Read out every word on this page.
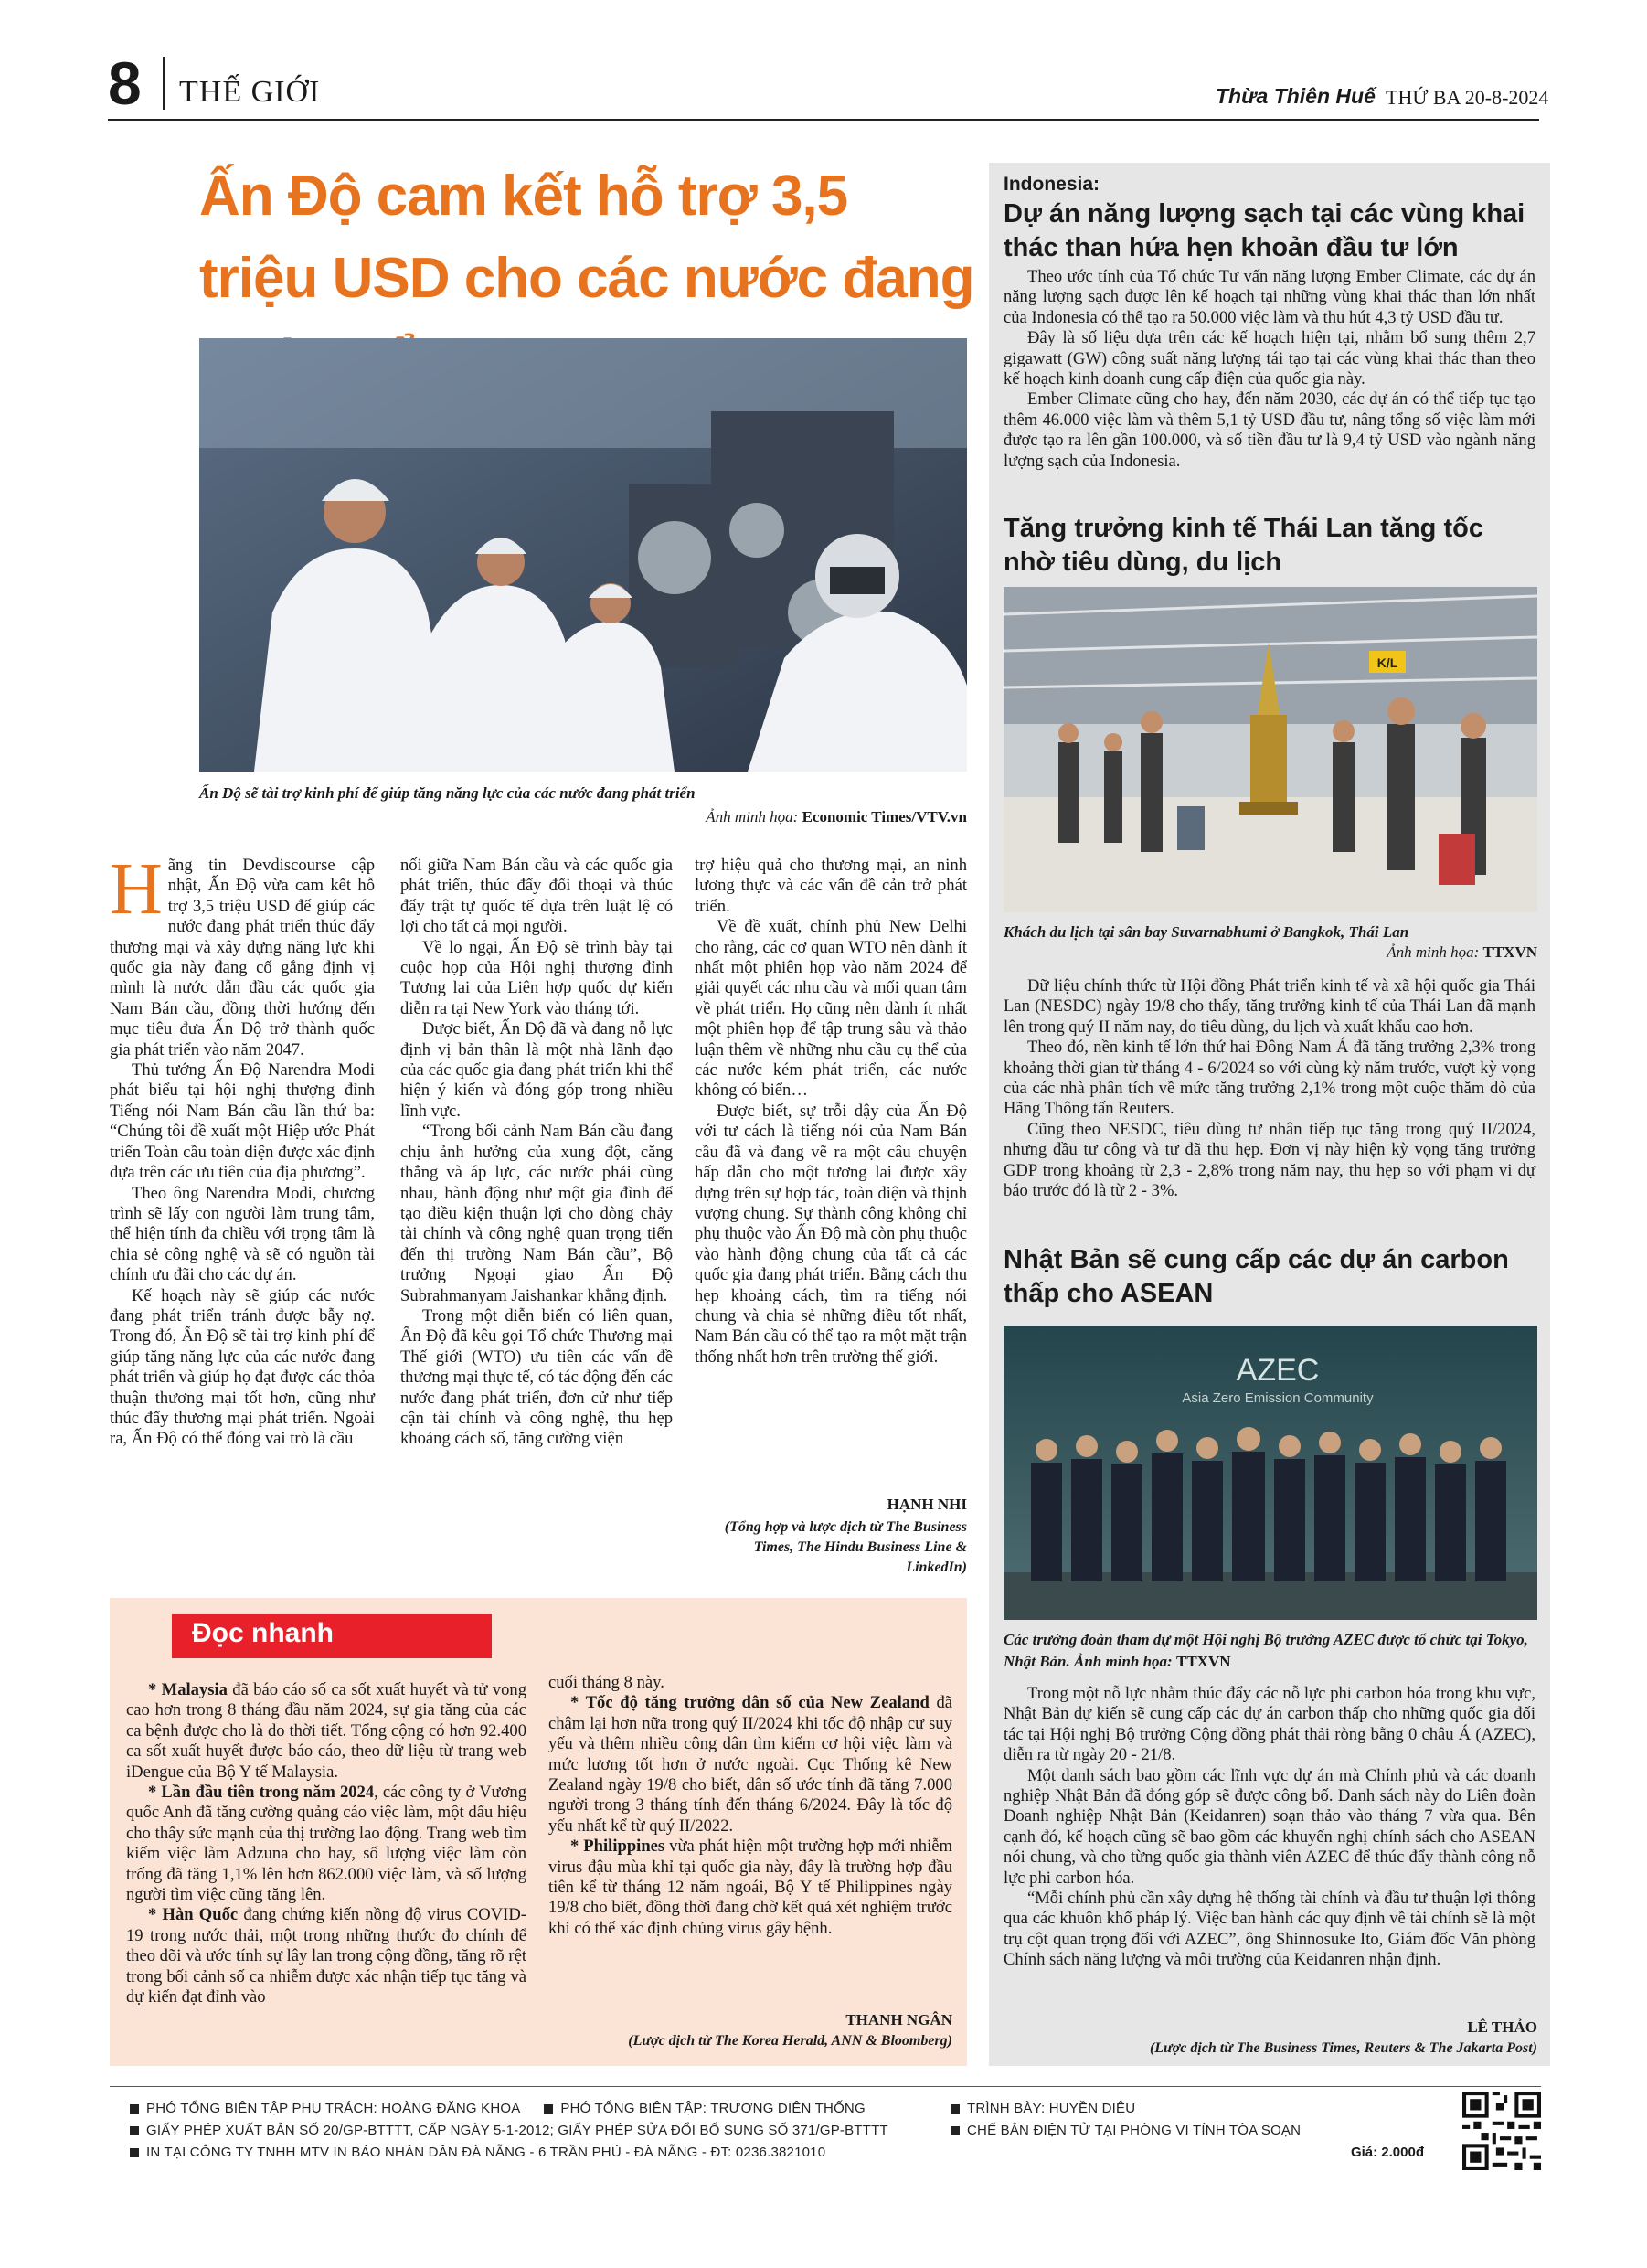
8 THẾ GIỚI	Thừa Thiên Huế THỨ BA 20-8-2024
Ấn Độ cam kết hỗ trợ 3,5 triệu USD cho các nước đang
Ấn Độ sẽ tài trợ kinh phí để giúp tăng năng lực của các nước đang phát triển
Ảnh minh họa: Economic Times/VTV.vn

Hãng tin Devdiscourse cập nhật, Ấn Độ vừa cam kết hỗ trợ 3,5 triệu USD để giúp các nước đang phát triển thúc đẩy thương mại và xây dựng năng lực khi quốc gia này đang cố gắng định vị mình là nước dẫn đầu các quốc gia Nam Bán cầu, đồng thời hướng đến mục tiêu đưa Ấn Độ trở thành quốc gia phát triển vào năm 2047.

Thủ tướng Ấn Độ Narendra Modi phát biểu tại hội nghị thượng đỉnh Tiếng nói Nam Bán cầu lần thứ ba: “Chúng tôi đề xuất một Hiệp ước Phát triển Toàn cầu toàn diện được xác định dựa trên các ưu tiên của địa phương”.

Theo ông Narendra Modi, chương trình sẽ lấy con người làm trung tâm, thể hiện tính đa chiều với trọng tâm là chia sẻ công nghệ và sẽ có nguồn tài chính ưu đãi cho các dự án.

Kế hoạch này sẽ giúp các nước đang phát triển tránh được bẫy nợ. Trong đó, Ấn Độ sẽ tài trợ kinh phí để giúp tăng năng lực của các nước đang phát triển và giúp họ đạt được các thỏa thuận thương mại tốt hơn, cũng như thúc đẩy thương mại phát triển. Ngoài ra, Ấn Độ có thể đóng vai trò là cầu

nối giữa Nam Bán cầu và các quốc gia phát triển, thúc đẩy đối thoại và thúc đẩy trật tự quốc tế dựa trên luật lệ có lợi cho tất cả mọi người.

Về lo ngại, Ấn Độ sẽ trình bày tại cuộc họp của Hội nghị thượng đỉnh Tương lai của Liên hợp quốc dự kiến diễn ra tại New York vào tháng tới.

Được biết, Ấn Độ đã và đang nỗ lực định vị bản thân là một nhà lãnh đạo của các quốc gia đang phát triển khi thể hiện ý kiến và đóng góp trong nhiều lĩnh vực.

“Trong bối cảnh Nam Bán cầu đang chịu ảnh hưởng của xung đột, căng thẳng và áp lực, các nước phải cùng nhau, hành động như một gia đình để tạo điều kiện thuận lợi cho dòng chảy tài chính và công nghệ quan trọng tiến đến thị trường Nam Bán cầu”, Bộ trưởng Ngoại giao Ấn Độ Subrahmanyam Jaishankar khẳng định.

Trong một diễn biến có liên quan, Ấn Độ đã kêu gọi Tổ chức Thương mại Thế giới (WTO) ưu tiên các vấn đề thương mại thực tế, có tác động đến các nước đang phát triển, đơn cử như tiếp cận tài chính và công nghệ, thu hẹp khoảng cách số, tăng cường viện

trợ hiệu quả cho thương mại, an ninh lương thực và các vấn đề cản trở phát triển.

Về đề xuất, chính phủ New Delhi cho rằng, các cơ quan WTO nên dành ít nhất một phiên họp vào năm 2024 để giải quyết các nhu cầu và mối quan tâm về phát triển. Họ cũng nên dành ít nhất một phiên họp để tập trung sâu và thảo luận thêm về những nhu cầu cụ thể của các nước kém phát triển, các nước không có biển…

Được biết, sự trỗi dậy của Ấn Độ với tư cách là tiếng nói của Nam Bán cầu đã và đang vẽ ra một câu chuyện hấp dẫn cho một tương lai được xây dựng trên sự hợp tác, toàn diện và thịnh vượng chung. Sự thành công không chỉ phụ thuộc vào Ấn Độ mà còn phụ thuộc vào hành động chung của tất cả các quốc gia đang phát triển. Bằng cách thu hẹp khoảng cách, tìm ra tiếng nói chung và chia sẻ những điều tốt nhất, Nam Bán cầu có thể tạo ra một mặt trận thống nhất hơn trên trường thế giới.

HẠNH NHI
(Tổng hợp và lược dịch từ The Business Times, The Hindu Business Line & LinkedIn)
Indonesia:
Dự án năng lượng sạch tại các vùng khai thác than hứa hẹn khoản đầu tư lớn

Theo ước tính của Tổ chức Tư vấn năng lượng Ember Climate, các dự án năng lượng sạch được lên kế hoạch tại những vùng khai thác than lớn nhất của Indonesia có thể tạo ra 50.000 việc làm và thu hút 4,3 tỷ USD đầu tư.

Đây là số liệu dựa trên các kế hoạch hiện tại, nhằm bổ sung thêm 2,7 gigawatt (GW) công suất năng lượng tái tạo tại các vùng khai thác than theo kế hoạch kinh doanh cung cấp điện của quốc gia này.

Ember Climate cũng cho hay, đến năm 2030, các dự án có thể tiếp tục tạo thêm 46.000 việc làm và thêm 5,1 tỷ USD đầu tư, nâng tổng số việc làm mới được tạo ra lên gần 100.000, và số tiền đầu tư là 9,4 tỷ USD vào ngành năng lượng sạch của Indonesia.

Tăng trưởng kinh tế Thái Lan tăng tốc nhờ tiêu dùng, du lịch
K/L
Khách du lịch tại sân bay Suvarnabhumi ở Bangkok, Thái Lan
Ảnh minh họa: TTXVN

Dữ liệu chính thức từ Hội đồng Phát triển kinh tế và xã hội quốc gia Thái Lan (NESDC) ngày 19/8 cho thấy, tăng trưởng kinh tế của Thái Lan đã mạnh lên trong quý II năm nay, do tiêu dùng, du lịch và xuất khẩu cao hơn.

Theo đó, nền kinh tế lớn thứ hai Đông Nam Á đã tăng trưởng 2,3% trong khoảng thời gian từ tháng 4 - 6/2024 so với cùng kỳ năm trước, vượt kỳ vọng của các nhà phân tích về mức tăng trưởng 2,1% trong một cuộc thăm dò của Hãng Thông tấn Reuters.

Cũng theo NESDC, tiêu dùng tư nhân tiếp tục tăng trong quý II/2024, nhưng đầu tư công và tư đã thu hẹp. Đơn vị này hiện kỳ vọng tăng trưởng GDP trong khoảng từ 2,3 - 2,8% trong năm nay, thu hẹp so với phạm vi dự báo trước đó là từ 2 - 3%.

Nhật Bản sẽ cung cấp các dự án carbon thấp cho ASEAN
AZEC
Asia Zero Emission Community
Các trưởng đoàn tham dự một Hội nghị Bộ trưởng AZEC được tổ chức tại Tokyo, Nhật Bản. Ảnh minh họa: TTXVN

Trong một nỗ lực nhằm thúc đẩy các nỗ lực phi carbon hóa trong khu vực, Nhật Bản dự kiến sẽ cung cấp các dự án carbon thấp cho những quốc gia đối tác tại Hội nghị Bộ trưởng Cộng đồng phát thải ròng bằng 0 châu Á (AZEC), diễn ra từ ngày 20 - 21/8.

Một danh sách bao gồm các lĩnh vực dự án mà Chính phủ và các doanh nghiệp Nhật Bản đã đóng góp sẽ được công bố. Danh sách này do Liên đoàn Doanh nghiệp Nhật Bản (Keidanren) soạn thảo vào tháng 7 vừa qua. Bên cạnh đó, kế hoạch cũng sẽ bao gồm các khuyến nghị chính sách cho ASEAN nói chung, và cho từng quốc gia thành viên AZEC để thúc đẩy thành công nỗ lực phi carbon hóa.

“Mỗi chính phủ cần xây dựng hệ thống tài chính và đầu tư thuận lợi thông qua các khuôn khổ pháp lý. Việc ban hành các quy định về tài chính sẽ là một trụ cột quan trọng đối với AZEC”, ông Shinnosuke Ito, Giám đốc Văn phòng Chính sách năng lượng và môi trường của Keidanren nhận định.

LÊ THẢO
(Lược dịch từ The Business Times, Reuters & The Jakarta Post)
Đọc nhanh

* Malaysia đã báo cáo số ca sốt xuất huyết và tử vong cao hơn trong 8 tháng đầu năm 2024, sự gia tăng của các ca bệnh được cho là do thời tiết. Tổng cộng có hơn 92.400 ca sốt xuất huyết được báo cáo, theo dữ liệu từ trang web iDengue của Bộ Y tế Malaysia.

* Lần đầu tiên trong năm 2024, các công ty ở Vương quốc Anh đã tăng cường quảng cáo việc làm, một dấu hiệu cho thấy sức mạnh của thị trường lao động. Trang web tìm kiếm việc làm Adzuna cho hay, số lượng việc làm còn trống đã tăng 1,1% lên hơn 862.000 việc làm, và số lượng người tìm việc cũng tăng lên.

* Hàn Quốc đang chứng kiến nồng độ virus COVID-19 trong nước thải, một trong những thước đo chính để theo dõi và ước tính sự lây lan trong cộng đồng, tăng rõ rệt trong bối cảnh số ca nhiễm được xác nhận tiếp tục tăng và dự kiến đạt đỉnh vào

cuối tháng 8 này.

* Tốc độ tăng trưởng dân số của New Zealand đã chậm lại hơn nữa trong quý II/2024 khi tốc độ nhập cư suy yếu và thêm nhiều công dân tìm kiếm cơ hội việc làm và mức lương tốt hơn ở nước ngoài. Cục Thống kê New Zealand ngày 19/8 cho biết, dân số ước tính đã tăng 7.000 người trong 3 tháng tính đến tháng 6/2024. Đây là tốc độ yếu nhất kể từ quý II/2022.

* Philippines vừa phát hiện một trường hợp mới nhiễm virus đậu mùa khỉ tại quốc gia này, đây là trường hợp đầu tiên kể từ tháng 12 năm ngoái, Bộ Y tế Philippines ngày 19/8 cho biết, đồng thời đang chờ kết quả xét nghiệm trước khi có thể xác định chủng virus gây bệnh.

THANH NGÂN
(Lược dịch từ The Korea Herald, ANN & Bloomberg)
PHÓ TỔNG BIÊN TẬP PHỤ TRÁCH: HOÀNG ĐĂNG KHOA	PHÓ TỔNG BIÊN TẬP: TRƯƠNG DIÊN THỐNG	TRÌNH BÀY: HUYỀN DIỆU
GIẤY PHÉP XUẤT BẢN SỐ 20/GP-BTTTT, CẤP NGÀY 5-1-2012; GIẤY PHÉP SỬA ĐỔI BỔ SUNG SỐ 371/GP-BTTTT	CHẾ BẢN ĐIỆN TỬ TẠI PHÒNG VI TÍNH TÒA SOẠN
IN TẠI CÔNG TY TNHH MTV IN BÁO NHÂN DÂN ĐÀ NẴNG - 6 TRẦN PHÚ - ĐÀ NẴNG - ĐT: 0236.3821010	Giá: 2.000đ
